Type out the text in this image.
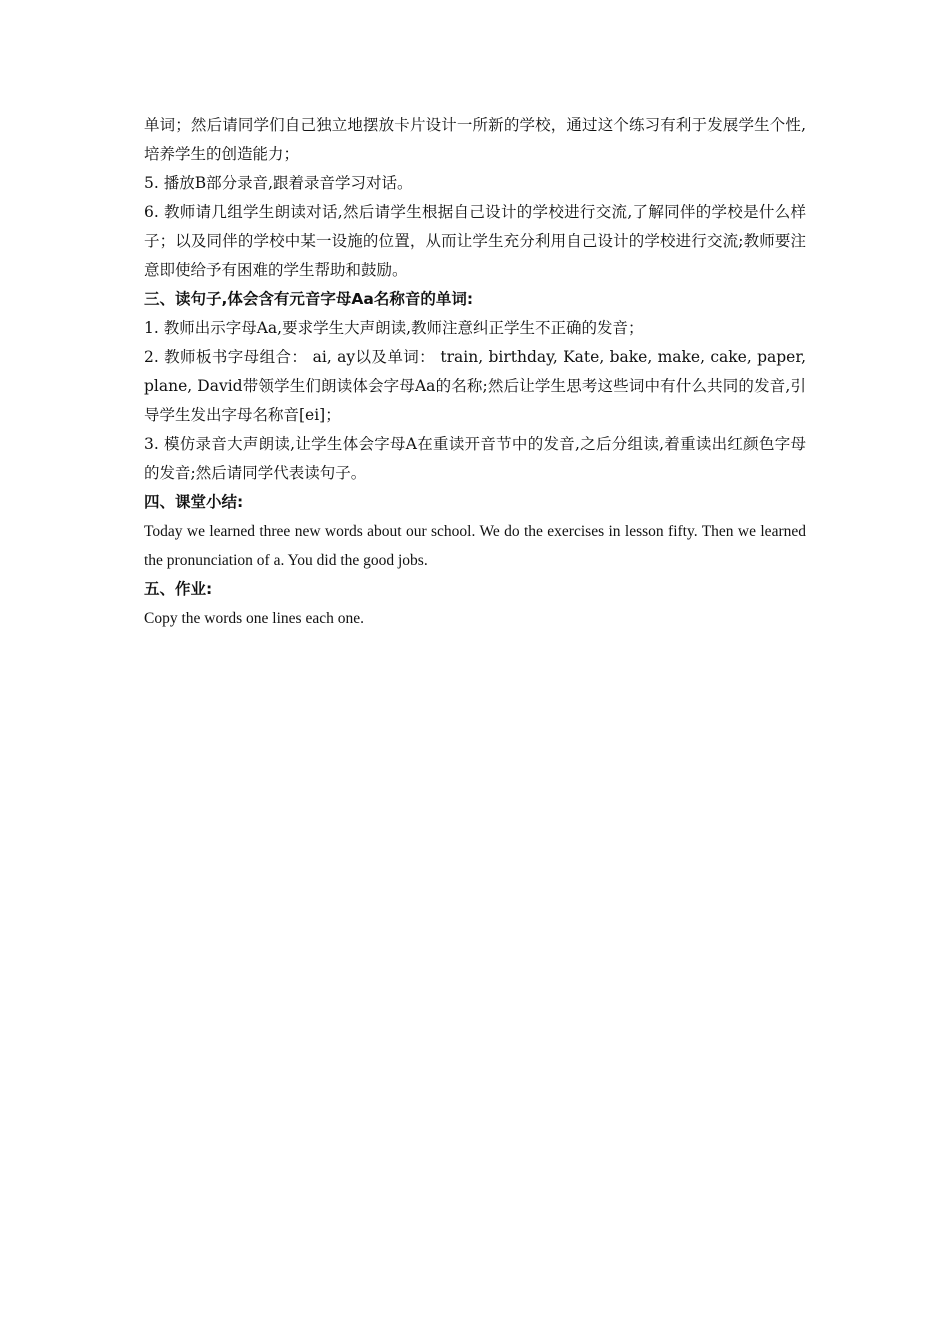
单词；然后请同学们自己独立地摆放卡片设计一所新的学校，通过这个练习有利于发展学生个性,培养学生的创造能力；

5. 播放B部分录音,跟着录音学习对话。

6. 教师请几组学生朗读对话,然后请学生根据自己设计的学校进行交流,了解同伴的学校是什么样子；以及同伴的学校中某一设施的位置，从而让学生充分利用自己设计的学校进行交流;教师要注意即使给予有困难的学生帮助和鼓励。

三、读句子,体会含有元音字母Aa名称音的单词:

1. 教师出示字母Aa,要求学生大声朗读,教师注意纠正学生不正确的发音；

2. 教师板书字母组合： ai, ay以及单词： train, birthday, Kate, bake, make, cake, paper, plane, David带领学生们朗读体会字母Aa的名称;然后让学生思考这些词中有什么共同的发音,引导学生发出字母名称音[ei]；

3. 模仿录音大声朗读,让学生体会字母A在重读开音节中的发音,之后分组读,着重读出红颜色字母的发音;然后请同学代表读句子。

四、课堂小结:

Today we learned three new words about our school. We do the exercises in lesson fifty. Then we learned the pronunciation of a. You did the good jobs.

五、作业:

Copy the words one lines each one.
